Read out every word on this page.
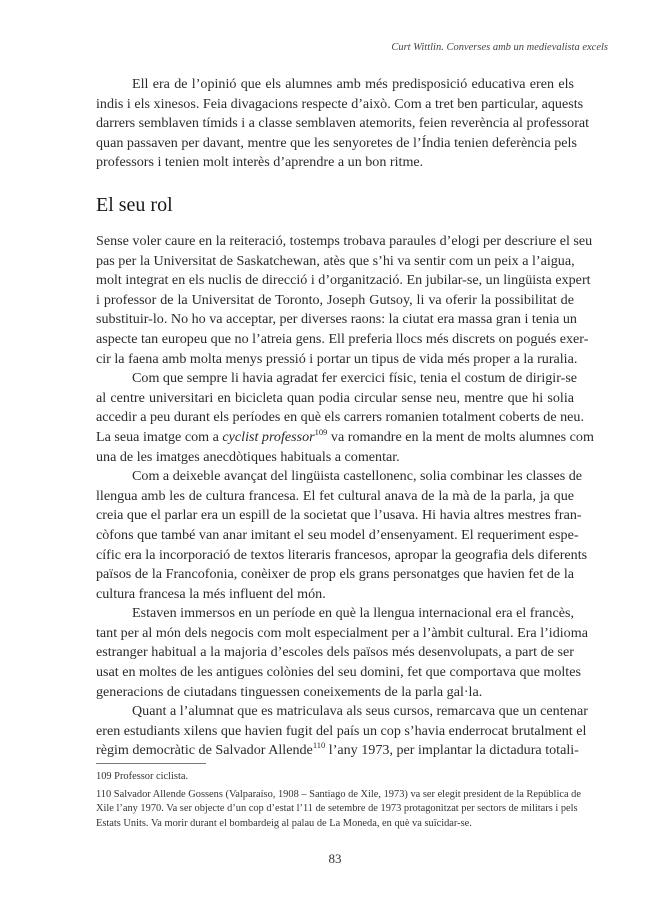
Curt Wittlin. Converses amb un medievalista excels

Ell era de l’opinió que els alumnes amb més predisposició educativa eren els
indis i els xinesos. Feia divagacions respecte d’això. Com a tret ben particular, aquests
darrers semblaven tímids i a classe semblaven atemorits, feien reverència al professorat
quan passaven per davant, mentre que les senyoretes de l’Índia tenien deferència pels
professors i tenien molt interès d’aprendre a un bon ritme.

El seu rol

Sense voler caure en la reiteració, tostemps trobava paraules d’elogi per descriure el seu
pas per la Universitat de Saskatchewan, atès que s’hi va sentir com un peix a l’aigua,
molt integrat en els nuclis de direcció i d’organització. En jubilar-se, un lingüista expert
i professor de la Universitat de Toronto, Joseph Gutsoy, li va oferir la possibilitat de
substituir-lo. No ho va acceptar, per diverses raons: la ciutat era massa gran i tenia un
aspecte tan europeu que no l’atreia gens. Ell preferia llocs més discrets on pogués exer-
cir la faena amb molta menys pressió i portar un tipus de vida més proper a la ruralia.

Com que sempre li havia agradat fer exercici físic, tenia el costum de dirigir-se
al centre universitari en bicicleta quan podia circular sense neu, mentre que hi solia
accedir a peu durant els períodes en què els carrers romanien totalment coberts de neu.
La seua imatge com a cyclist professor$^{109}$ va romandre en la ment de molts alumnes com
una de les imatges anecdòtiques habituals a comentar.

Com a deixeble avançat del lingüista castellonenc, solia combinar les classes de
llengua amb les de cultura francesa. El fet cultural anava de la mà de la parla, ja que
creia que el parlar era un espill de la societat que l’usava. Hi havia altres mestres fran-
còfons que també van anar imitant el seu model d’ensenyament. El requeriment espe-
cífic era la incorporació de textos literaris francesos, apropar la geografia dels diferents
països de la Francofonia, conèixer de prop els grans personatges que havien fet de la
cultura francesa la més influent del món.

Estaven immersos en un període en què la llengua internacional era el francès,
tant per al món dels negocis com molt especialment per a l’àmbit cultural. Era l’idioma
estranger habitual a la majoria d’escoles dels països més desenvolupats, a part de ser
usat en moltes de les antigues colònies del seu domini, fet que comportava que moltes
generacions de ciutadans tinguessen coneixements de la parla gal·la.

Quant a l’alumnat que es matriculava als seus cursos, remarcava que un centenar
eren estudiants xilens que havien fugit del país un cop s’havia enderrocat brutalment el
règim democràtic de Salvador Allende$^{110}$ l’any 1973, per implantar la dictadura totali-

109 Professor ciclista.

110 Salvador Allende Gossens (Valparaíso, 1908 – Santiago de Xile, 1973) va ser elegit president de la República de
Xile l’any 1970. Va ser objecte d’un cop d’estat l’11 de setembre de 1973 protagonitzat per sectors de militars i pels
Estats Units. Va morir durant el bombardeig al palau de La Moneda, en què va suïcidar-se.

83
